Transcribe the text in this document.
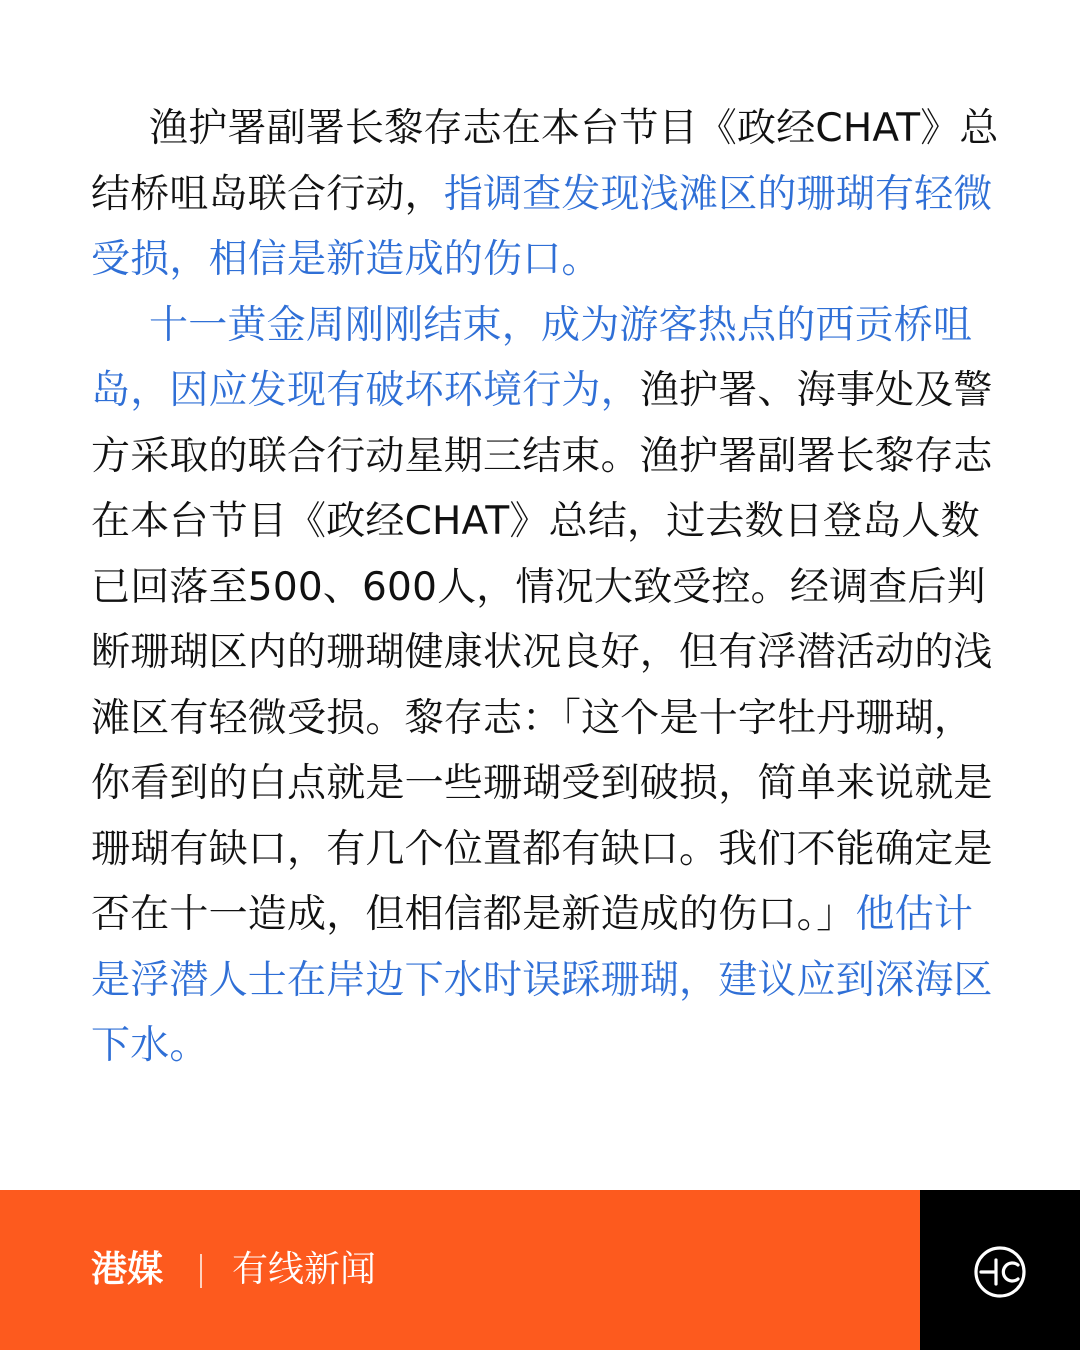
渔护署副署长黎存志在本台节目《政经CHAT》总结桥咀岛联合行动，指调查发现浅滩区的珊瑚有轻微受损，相信是新造成的伤口。

十一黄金周刚刚结束，成为游客热点的西贡桥咀岛，因应发现有破坏环境行为，渔护署、海事处及警方采取的联合行动星期三结束。渔护署副署长黎存志在本台节目《政经CHAT》总结，过去数日登岛人数已回落至500、600人，情况大致受控。经调查后判断珊瑚区内的珊瑚健康状况良好，但有浮潜活动的浅滩区有轻微受损。黎存志：「这个是十字牡丹珊瑚，你看到的白点就是一些珊瑚受到破损，简单来说就是珊瑚有缺口，有几个位置都有缺口。我们不能确定是否在十一造成，但相信都是新造成的伤口。」他估计是浮潜人士在岸边下水时误踩珊瑚，建议应到深海区下水。

港媒 有线新闻
